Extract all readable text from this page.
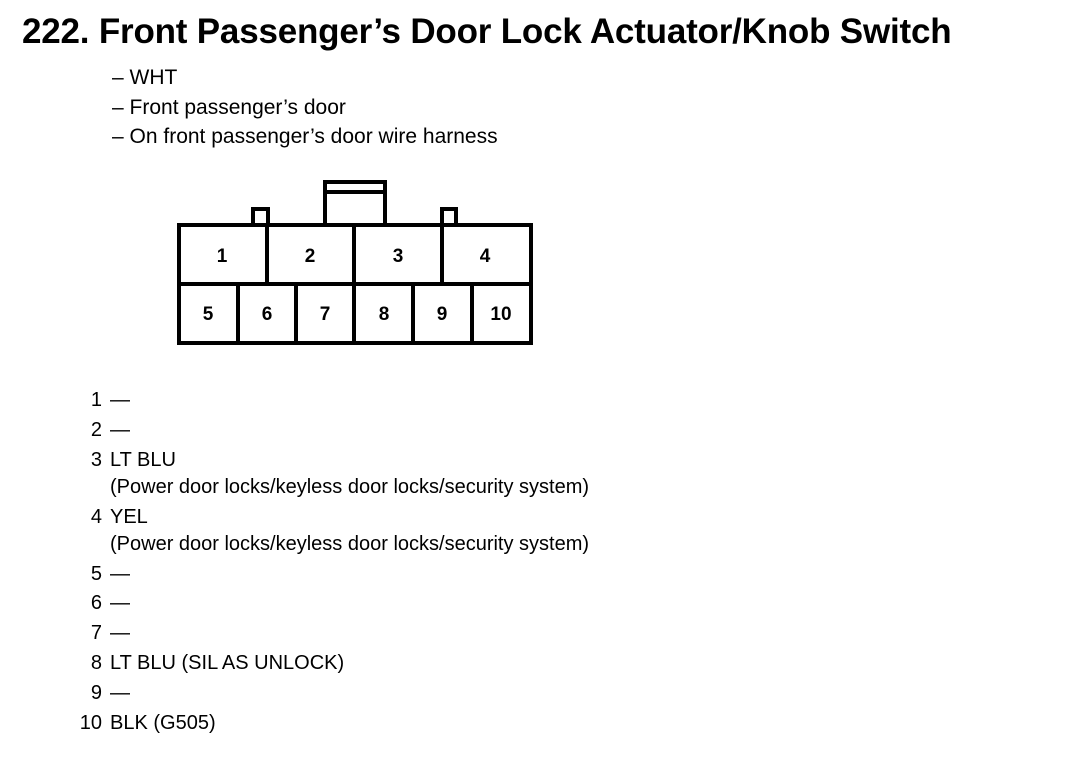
222. Front Passenger’s Door Lock Actuator/Knob Switch
– WHT
– Front passenger’s door
– On front passenger’s door wire harness
1	2	3	4
5	6 7	8 9 10
1 —
2 —
3 LT BLU
(Power door locks/keyless door locks/security system)
4 YEL
(Power door locks/keyless door locks/security system)
5 —
6 —
7 —
8 LT BLU (SIL AS UNLOCK)
9 —
10 BLK (G505)
